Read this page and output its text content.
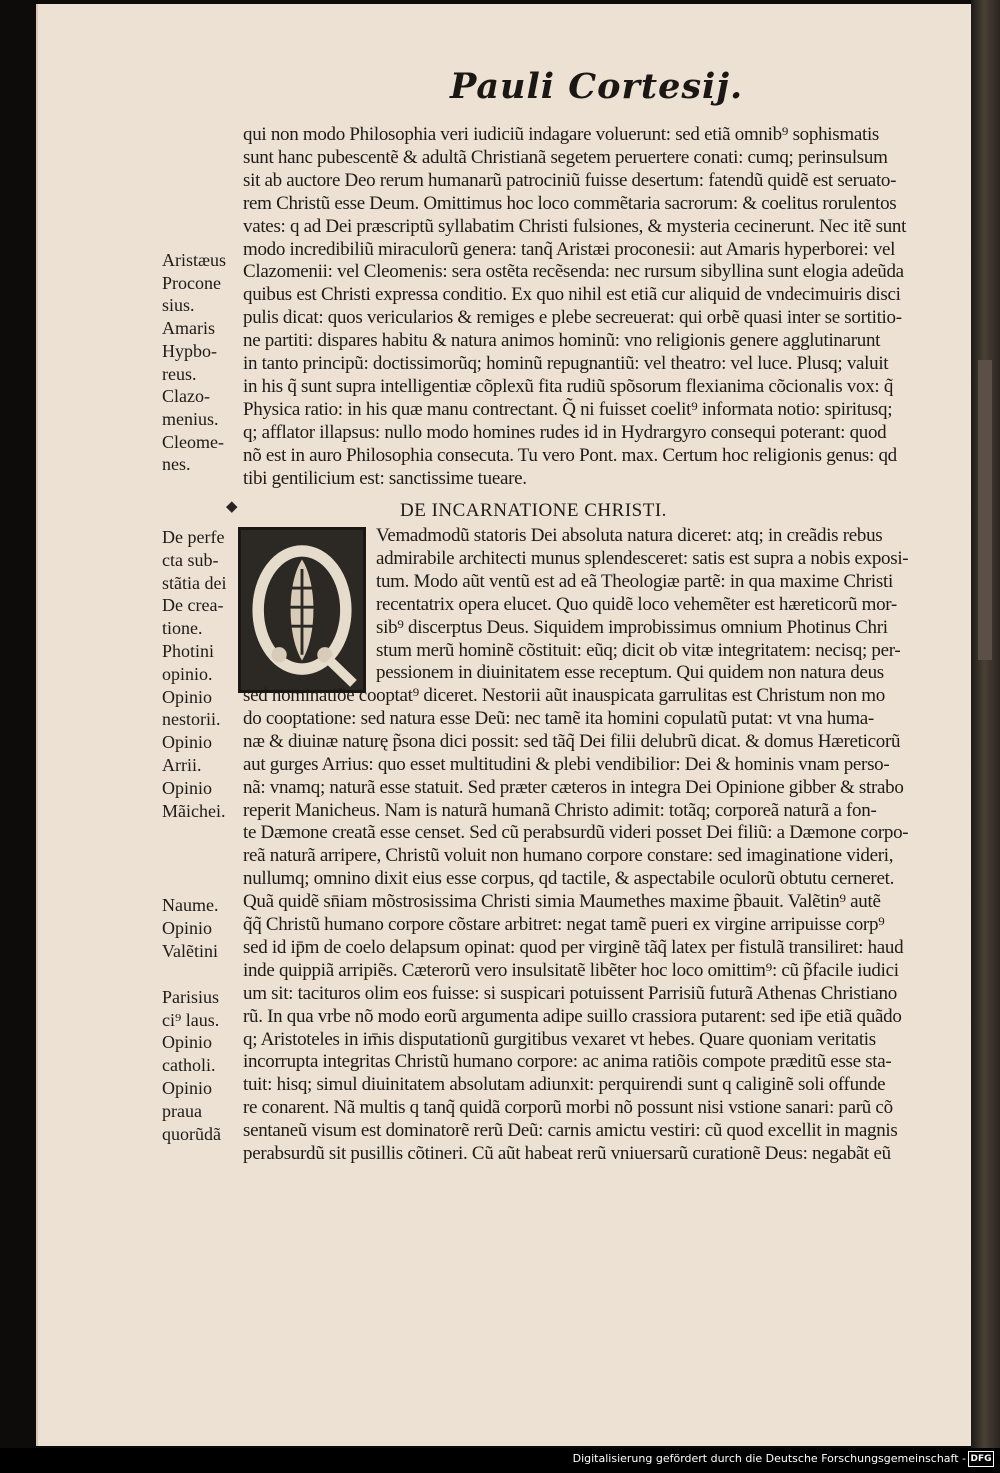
Pauli Cortesij.
qui non modo Philosophia veri iudiciũ indagare voluerunt: sed etiã omnib⁹ sophismatis
sunt hanc pubescentẽ & adultã Christianã segetem peruertere conati: cumq; perinsulsum
sit ab auctore Deo rerum humanarũ patrociniũ fuisse desertum: fatendũ quidẽ est seruato-
rem Christũ esse Deum. Omittimus hoc loco commẽtaria sacrorum: & coelitus rorulentos
vates: q ad Dei præscriptũ syllabatim Christi fulsiones, & mysteria cecinerunt. Nec itẽ sunt
modo incredibiliũ miraculorũ genera: tanq̃ Aristæi proconesii: aut Amaris hyperborei: vel
Clazomenii: vel Cleomenis: sera ostẽta recẽsenda: nec rursum sibyllina sunt elogia adeũda
quibus est Christi expressa conditio. Ex quo nihil est etiã cur aliquid de vndecimuiris disci
pulis dicat: quos vericularios & remiges e plebe secreuerat: qui orbẽ quasi inter se sortitio-
ne partiti: dispares habitu & natura animos hominũ: vno religionis genere agglutinarunt
in tanto principũ: doctissimorũq; hominũ repugnantiũ: vel theatro: vel luce. Plusq; valuit
in his q̃ sunt supra intelligentiæ cõplexũ fita rudiũ spõsorum flexianima cõcionalis vox: q̃
Physica ratio: in his quæ manu contrectant. Q̃ ni fuisset coelit⁹ informata notio: spiritusq;
q; afflator illapsus: nullo modo homines rudes id in Hydrargyro consequi poterant: quod
nõ est in auro Philosophia consecuta. Tu vero Pont. max. Certum hoc religionis genus: qd
tibi gentilicium est: sanctissime tueare.
◆	DE INCARNATIONE CHRISTI.
Vemadmodũ statoris Dei absoluta natura diceret: atq; in creãdis rebus
admirabile architecti munus splendesceret: satis est supra a nobis exposi-
tum. Modo aũt ventũ est ad eã Theologiæ partẽ: in qua maxime Christi
recentatrix opera elucet. Quo quidẽ loco vehemẽter est hæreticorũ mor-
sib⁹ discerptus Deus. Siquidem improbissimus omnium Photinus Chri
stum merũ hominẽ cõstituit: eũq; dicit ob vitæ integritatem: necisq; per-
pessionem in diuinitatem esse receptum. Qui quidem non natura deus
sed nominatiõe cooptat⁹ diceret. Nestorii aũt inauspicata garrulitas est Christum non mo
do cooptatione: sed natura esse Deũ: nec tamẽ ita homini copulatũ putat: vt vna huma-
næ & diuinæ naturę p̃sona dici possit: sed tãq̃ Dei filii delubrũ dicat. & domus Hæreticorũ
aut gurges Arrius: quo esset multitudini & plebi vendibilior: Dei & hominis vnam perso-
nã: vnamq; naturã esse statuit. Sed præter cæteros in integra Dei Opinione gibber & strabo
reperit Manicheus. Nam is naturã humanã Christo adimit: totãq; corporeã naturã a fon-
te Dæmone creatã esse censet. Sed cũ perabsurdũ videri posset Dei filiũ: a Dæmone corpo-
reã naturã arripere, Christũ voluit non humano corpore constare: sed imaginatione videri,
nullumq; omnino dixit eius esse corpus, qd tactile, & aspectabile oculorũ obtutu cerneret.
Quã quidẽ sn̄iam mõstrosissima Christi simia Maumethes maxime p̃bauit. Valẽtin⁹ autẽ
q̃q̃ Christũ humano corpore cõstare arbitret: negat tamẽ pueri ex virgine arripuisse corp⁹
sed id ip̄m de coelo delapsum opinat: quod per virginẽ tãq̃ latex per fistulã transiliret: haud
inde quippiã arripiẽs. Cæterorũ vero insulsitatẽ libẽter hoc loco omittim⁹: cũ p̃facile iudici
um sit: tacituros olim eos fuisse: si suspicari potuissent Parrisiũ futurã Athenas Christiano
rũ. In qua vrbe nõ modo eorũ argumenta adipe suillo crassiora putarent: sed ip̄e etiã quãdo
q; Aristoteles in im̄is disputationũ gurgitibus vexaret vt hebes. Quare quoniam veritatis
incorrupta integritas Christũ humano corpore: ac anima ratiõis compote præditũ esse sta-
tuit: hisq; simul diuinitatem absolutam adiunxit: perquirendi sunt q caliginẽ soli offunde
re conarent. Nã multis q tanq̃ quidã corporũ morbi nõ possunt nisi vstione sanari: parũ cõ
sentaneũ visum est dominatorẽ rerũ Deũ: carnis amictu vestiri: cũ quod excellit in magnis
perabsurdũ sit pusillis cõtineri. Cũ aũt habeat rerũ vniuersarũ curationẽ Deus: negabãt eũ
Aristæus
Procone
sius.
Amaris
Hypbo-
reus.
Clazo-
menius.
Cleome-
nes.
De perfe
cta sub-
stãtia dei
De crea-
tione.
Photini
opinio.
Opinio
nestorii.
Opinio
Arrii.
Opinio
Mãichei.
Naume.
Opinio
Valẽtini
Parisius
ci⁹ laus.
Opinio
catholi.
Opinio
praua
quorũdã
Digitalisierung gefördert durch die Deutsche Forschungsgemeinschaft - DFG
